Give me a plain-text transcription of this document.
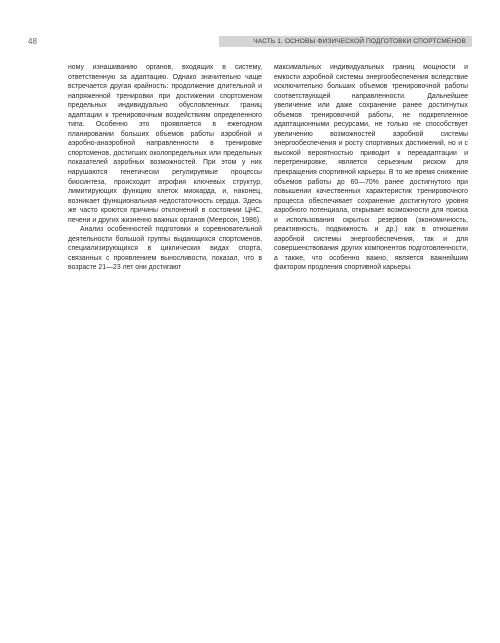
48	ЧАСТЬ 1. ОСНОВЫ ФИЗИЧЕСКОЙ ПОДГОТОВКИ СПОРТСМЕНОВ

ному изнашиванию органов, входящих в систему, ответственную за адаптацию. Однако значительно чаще встречается другая крайность: продолжение длительной и напряженной тренировки при достижении спортсменом предельных индивидуально обусловленных границ адаптации к тренировочным воздействиям определенного типа. Особенно это проявляется в ежегодном планировании больших объемов работы аэробной и аэробно-анаэробной направленности в тренировке спортсменов, достигших околопредельных или предельных показателей аэробных возможностей. При этом у них нарушаются генетически регулируемые процессы биосинтеза, происходит атрофия ключевых структур, лимитирующих функцию клеток миокарда, и, наконец, возникает функциональная недостаточность сердца. Здесь же часто кроются причины отклонений в состоянии ЦНС, печени и других жизненно важных органов (Меерсон, 1986).

Анализ особенностей подготовки и соревновательной деятельности большой группы выдающихся спортсменов, специализирующихся в циклических видах спорта, связанных с проявлением выносливости, показал, что в возрасте 21—23 лет они достигают

максимальных индивидуальных границ мощности и емкости аэробной системы энергообеспечения вследствие исключительно больших объемов тренировочной работы соответствующей направленности. Дальнейшее увеличение или даже сохранение ранее достигнутых объемов тренировочной работы, не подкрепленное адаптационными ресурсами, не только не способствует увеличению возможностей аэробной системы энергообеспечения и росту спортивных достижений, но и с высокой вероятностью приводит к переадаптации и перетренировке, является серьезным риском для прекращения спортивной карьеры. В то же время снижение объемов работы до 60—70% ранее достигнутого при повышении качественных характеристик тренировочного процесса обеспечивает сохранение достигнутого уровня аэробного потенциала, открывает возможности для поиска и использования скрытых резервов (экономичность, реактивность, подвижность и др.) как в отношении аэробной системы энергообеспечения, так и для совершенствования других компонентов подготовленности, а также, что особенно важно, является важнейшим фактором продления спортивной карьеры.
